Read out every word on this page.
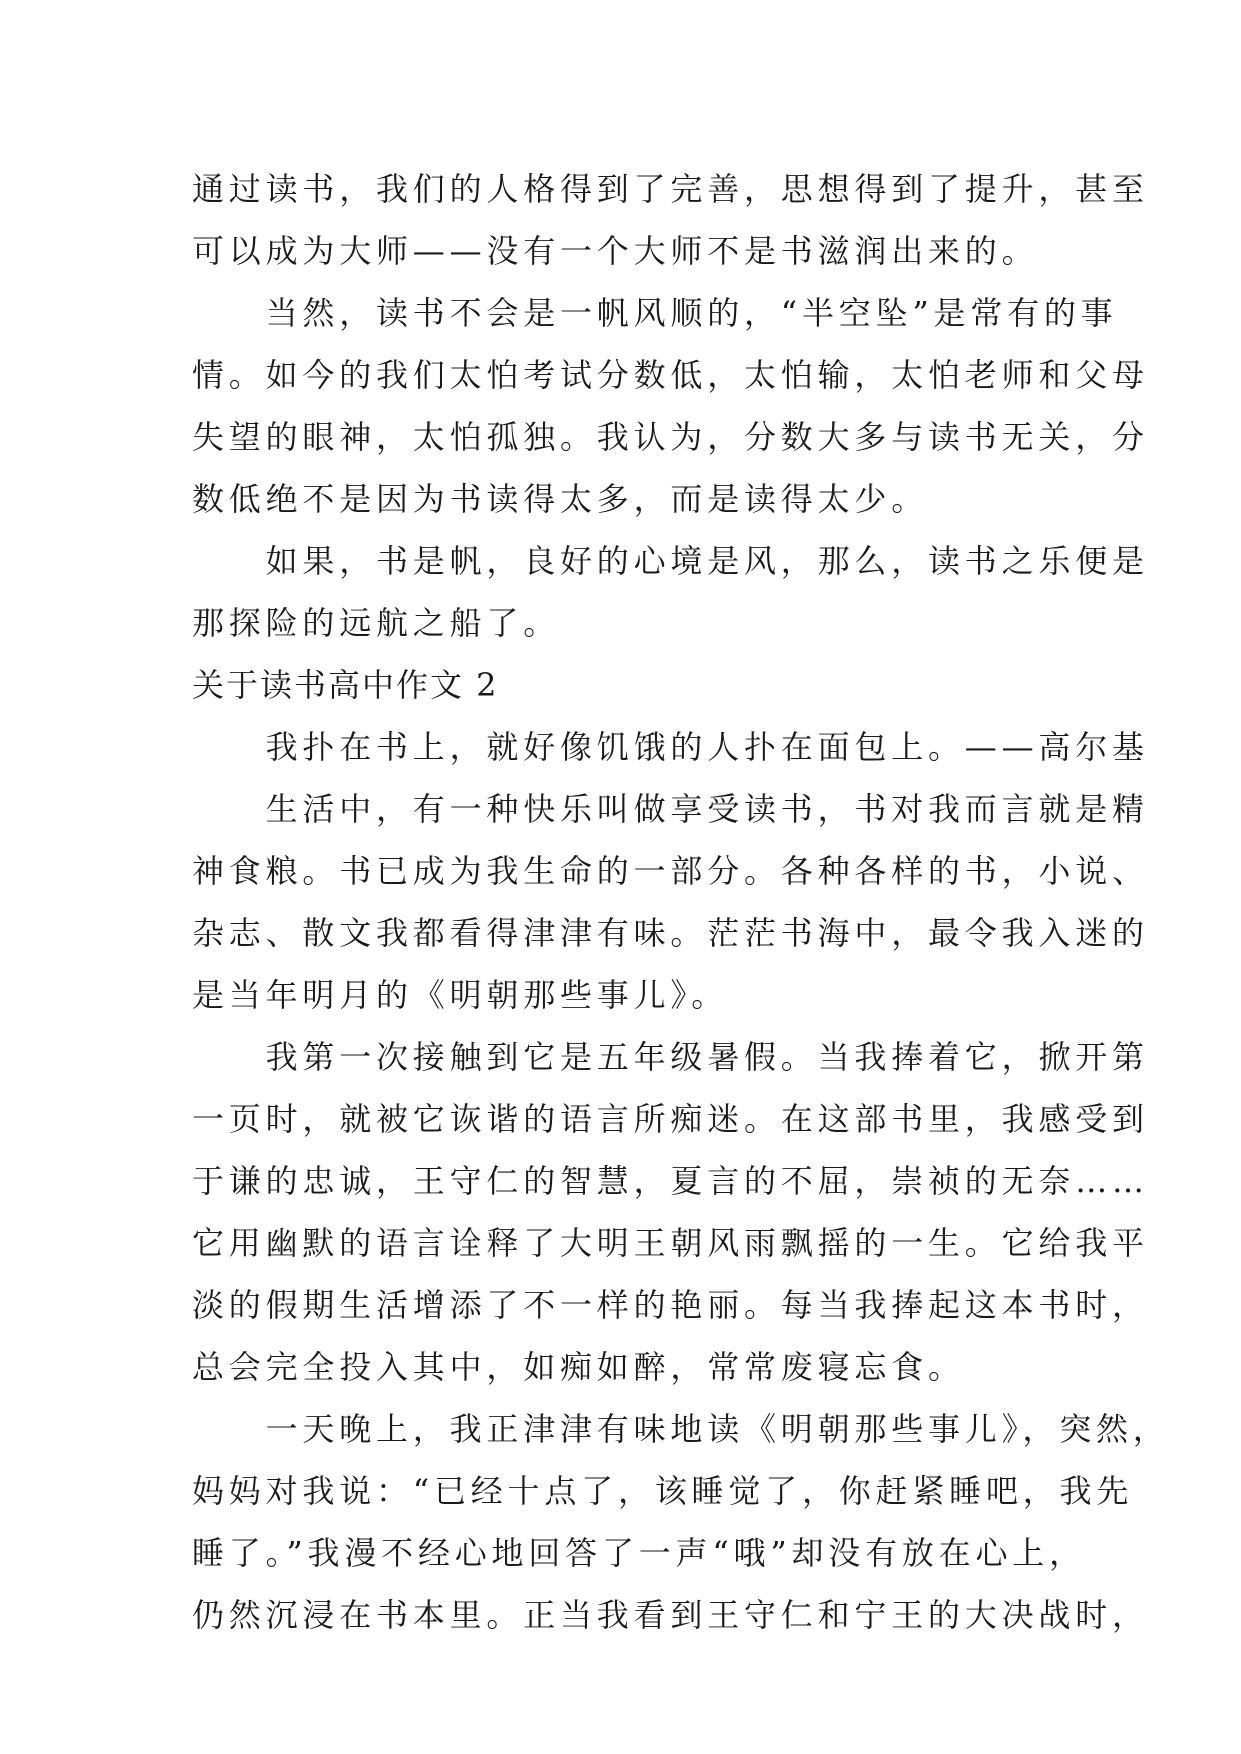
通过读书，我们的人格得到了完善，思想得到了提升，甚至
可以成为大师——没有一个大师不是书滋润出来的。
　　当然，读书不会是一帆风顺的，“半空坠”是常有的事
情。如今的我们太怕考试分数低，太怕输，太怕老师和父母
失望的眼神，太怕孤独。我认为，分数大多与读书无关，分
数低绝不是因为书读得太多，而是读得太少。
　　如果，书是帆，良好的心境是风，那么，读书之乐便是
那探险的远航之船了。
关于读书高中作文 2
　　我扑在书上，就好像饥饿的人扑在面包上。——高尔基
　　生活中，有一种快乐叫做享受读书，书对我而言就是精
神食粮。书已成为我生命的一部分。各种各样的书，小说、
杂志、散文我都看得津津有味。茫茫书海中，最令我入迷的
是当年明月的《明朝那些事儿》。
　　我第一次接触到它是五年级暑假。当我捧着它，掀开第
一页时，就被它诙谐的语言所痴迷。在这部书里，我感受到
于谦的忠诚，王守仁的智慧，夏言的不屈，崇祯的无奈……
它用幽默的语言诠释了大明王朝风雨飘摇的一生。它给我平
淡的假期生活增添了不一样的艳丽。每当我捧起这本书时，
总会完全投入其中，如痴如醉，常常废寝忘食。
　　一天晚上，我正津津有味地读《明朝那些事儿》，突然，
妈妈对我说：“已经十点了，该睡觉了，你赶紧睡吧，我先
睡了。”我漫不经心地回答了一声“哦”却没有放在心上，
仍然沉浸在书本里。正当我看到王守仁和宁王的大决战时，
